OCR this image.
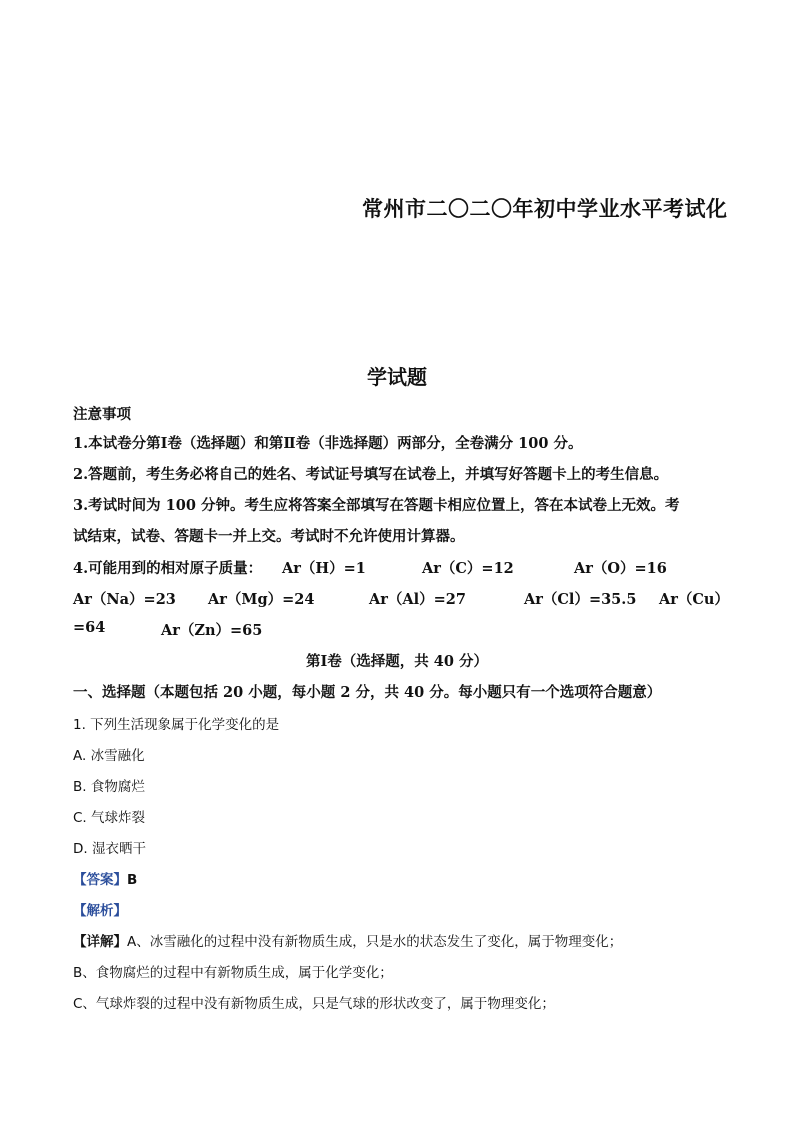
常州市二〇二〇年初中学业水平考试化
学试题
注意事项
1.本试卷分第Ⅰ卷（选择题）和第Ⅱ卷（非选择题）两部分，全卷满分 100 分。
2.答题前，考生务必将自己的姓名、考试证号填写在试卷上，并填写好答题卡上的考生信息。
3.考试时间为 100 分钟。考生应将答案全部填写在答题卡相应位置上，答在本试卷上无效。考
试结束，试卷、答题卡一并上交。考试时不允许使用计算器。
4.可能用到的相对原子质量： Ar（H）=1	Ar（C）=12	Ar（O）=16
Ar（Na）=23 Ar（Mg）=24	Ar（Al）=27	Ar（Cl）=35.5 Ar（Cu）
=64	Ar（Zn）=65
第Ⅰ卷（选择题，共 40 分）
一、选择题（本题包括 20 小题，每小题 2 分，共 40 分。每小题只有一个选项符合题意）
1. 下列生活现象属于化学变化的是
A. 冰雪融化
B. 食物腐烂
C. 气球炸裂
D. 湿衣晒干
【答案】B
【解析】
【详解】A、冰雪融化的过程中没有新物质生成，只是水的状态发生了变化，属于物理变化；
B、食物腐烂的过程中有新物质生成，属于化学变化；
C、气球炸裂的过程中没有新物质生成，只是气球的形状改变了，属于物理变化；
